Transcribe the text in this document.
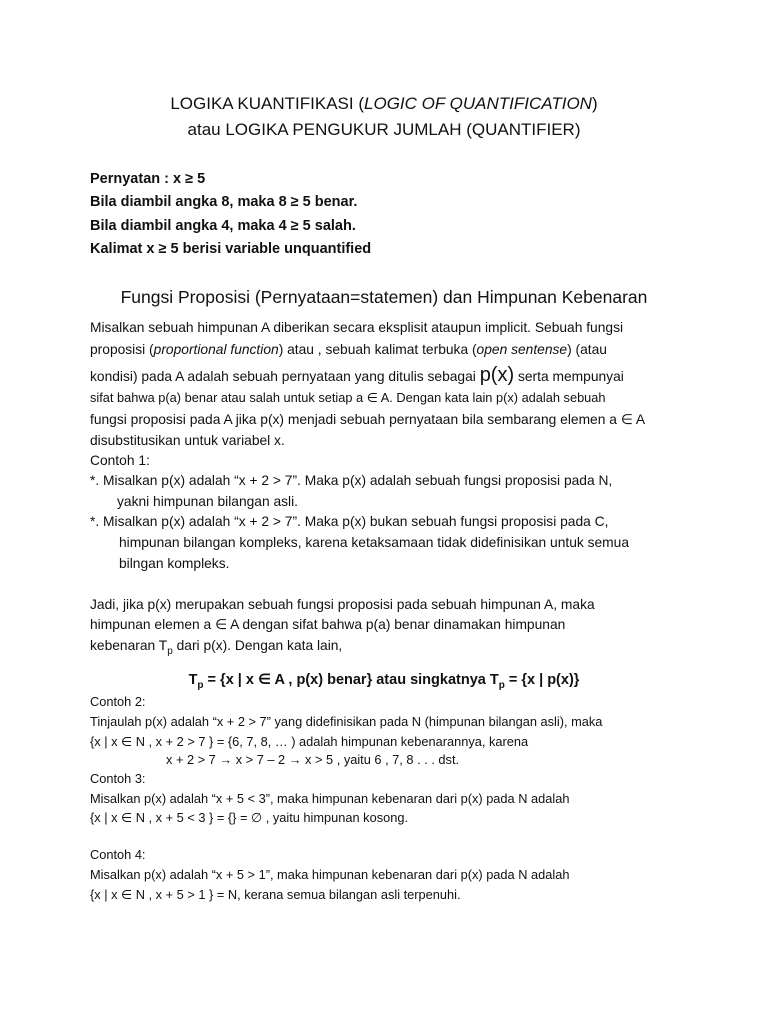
LOGIKA KUANTIFIKASI (LOGIC OF QUANTIFICATION)
atau LOGIKA PENGUKUR JUMLAH (QUANTIFIER)
Pernyatan : x ≥ 5
Bila diambil angka 8, maka 8 ≥ 5 benar.
Bila diambil angka 4, maka 4 ≥ 5 salah.
Kalimat x ≥ 5 berisi variable unquantified
Fungsi Proposisi (Pernyataan=statemen) dan Himpunan Kebenaran
Misalkan sebuah himpunan A diberikan secara eksplisit ataupun implicit. Sebuah fungsi
proposisi (proportional function) atau , sebuah kalimat terbuka (open sentense) (atau
kondisi) pada A adalah sebuah pernyataan yang ditulis sebagai p(x) serta mempunyai
sifat bahwa p(a) benar atau salah untuk setiap a ∈ A. Dengan kata lain p(x) adalah sebuah
fungsi proposisi pada A jika p(x) menjadi sebuah pernyataan bila sembarang elemen a ∈ A
disubstitusikan untuk variabel x.
Contoh 1:
*. Misalkan p(x) adalah “x + 2 > 7”. Maka p(x) adalah sebuah fungsi proposisi pada N,
yakni himpunan bilangan asli.
*. Misalkan p(x) adalah “x + 2 > 7”. Maka p(x) bukan sebuah fungsi proposisi pada C,
himpunan bilangan kompleks, karena ketaksamaan tidak didefinisikan untuk semua
bilngan kompleks.
Jadi, jika p(x) merupakan sebuah fungsi proposisi pada sebuah himpunan A, maka
himpunan elemen a ∈ A dengan sifat bahwa p(a) benar dinamakan himpunan
kebenaran $T_p$ dari p(x). Dengan kata lain,
$T_p = \{x$ | x ∈ A , p(x) benar} atau singkatnya $T_p = \{x$ | p(x)}
Contoh 2:
Tinjaulah p(x) adalah “x + 2 > 7” yang didefinisikan pada N (himpunan bilangan asli), maka
{x | x ∈ N , x + 2 > 7 } = {6, 7, 8, … ) adalah himpunan kebenarannya, karena
x + 2 > 7 → x > 7 – 2 → x > 5 , yaitu 6 , 7, 8 . . . dst.
Contoh 3:
Misalkan p(x) adalah “x + 5 < 3”, maka himpunan kebenaran dari p(x) pada N adalah
{x | x ∈ N , x + 5 < 3 } = {} = ∅ , yaitu himpunan kosong.
Contoh 4:
Misalkan p(x) adalah “x + 5 > 1”, maka himpunan kebenaran dari p(x) pada N adalah
{x | x ∈ N , x + 5 > 1 } = N, kerana semua bilangan asli terpenuhi.
